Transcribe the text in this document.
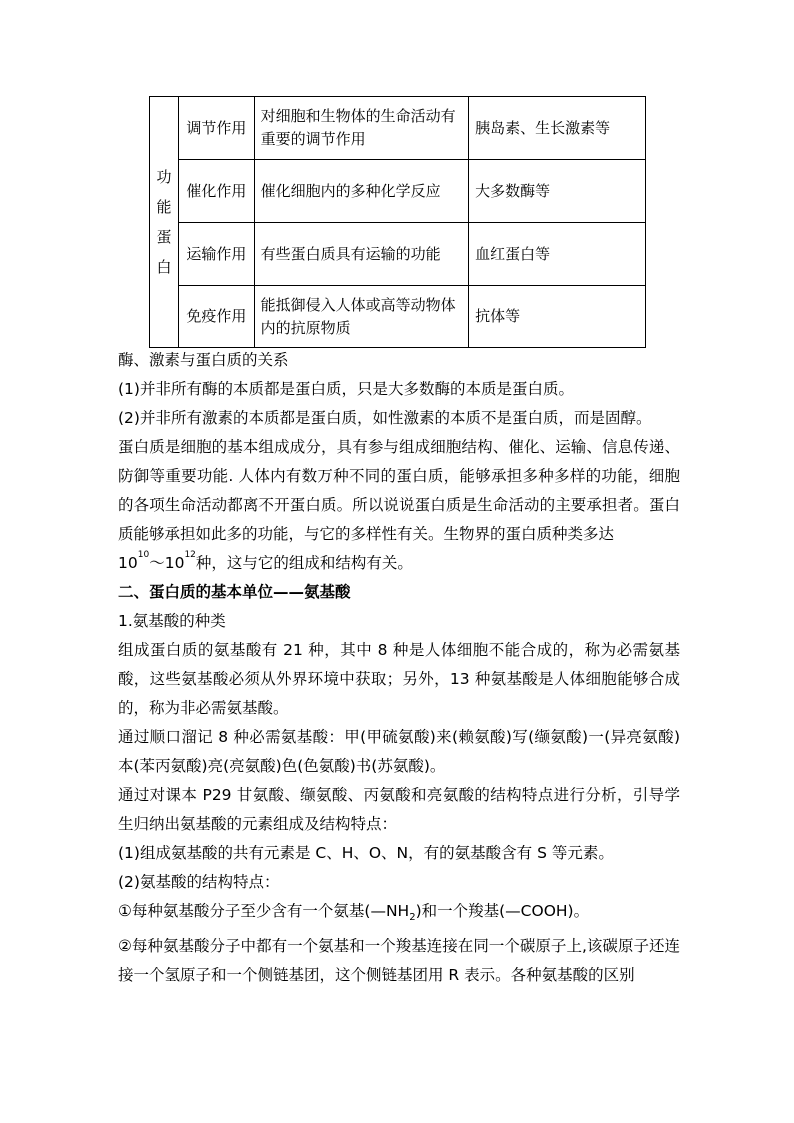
功
能
蛋
白	调节作用	对细胞和生物体的生命活动有重要的调节作用	胰岛素、生长激素等
	催化作用	催化细胞内的多种化学反应	大多数酶等
	运输作用	有些蛋白质具有运输的功能	血红蛋白等
	免疫作用	能抵御侵入人体或高等动物体内的抗原物质	抗体等

酶、激素与蛋白质的关系

(1)并非所有酶的本质都是蛋白质，只是大多数酶的本质是蛋白质。

(2)并非所有激素的本质都是蛋白质，如性激素的本质不是蛋白质，而是固醇。

蛋白质是细胞的基本组成成分，具有参与组成细胞结构、催化、运输、信息传递、防御等重要功能. 人体内有数万种不同的蛋白质，能够承担多种多样的功能，细胞的各项生命活动都离不开蛋白质。所以说说蛋白质是生命活动的主要承担者。蛋白质能够承担如此多的功能，与它的多样性有关。生物界的蛋白质种类多达
$10^{10}\sim 10^{12}$种，这与它的组成和结构有关。

二、蛋白质的基本单位——氨基酸

1.氨基酸的种类

组成蛋白质的氨基酸有 21 种，其中 8 种是人体细胞不能合成的，称为必需氨基酸，这些氨基酸必须从外界环境中获取；另外，13 种氨基酸是人体细胞能够合成的，称为非必需氨基酸。

通过顺口溜记 8 种必需氨基酸：甲(甲硫氨酸)来(赖氨酸)写(缬氨酸)一(异亮氨酸)本(苯丙氨酸)亮(亮氨酸)色(色氨酸)书(苏氨酸)。

通过对课本 P29 甘氨酸、缬氨酸、丙氨酸和亮氨酸的结构特点进行分析，引导学生归纳出氨基酸的元素组成及结构特点：

(1)组成氨基酸的共有元素是 C、H、O、N，有的氨基酸含有 S 等元素。

(2)氨基酸的结构特点：

①每种氨基酸分子至少含有一个氨基$(—NH_2)$和一个羧基(—COOH)。

②每种氨基酸分子中都有一个氨基和一个羧基连接在同一个碳原子上,该碳原子还连接一个氢原子和一个侧链基团，这个侧链基团用 R 表示。各种氨基酸的区别
